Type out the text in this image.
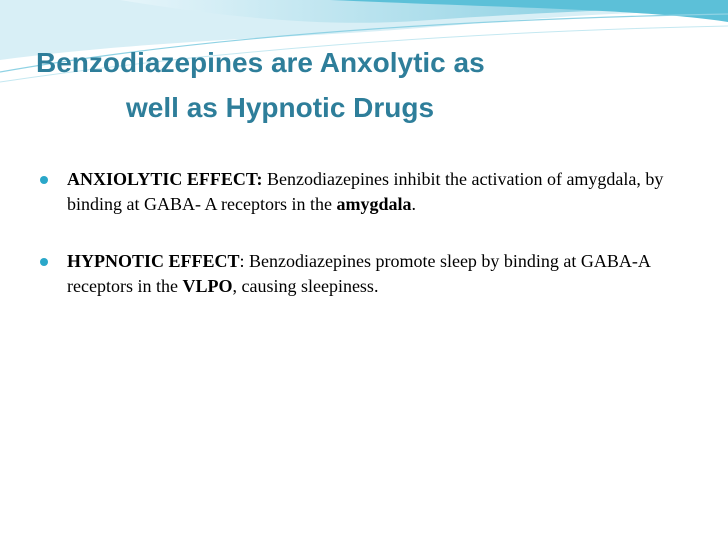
Benzodiazepines are Anxolytic as
well as Hypnotic Drugs
ANXIOLYTIC EFFECT: Benzodiazepines inhibit the activation of amygdala, by binding at GABA- A receptors in the amygdala.
HYPNOTIC EFFECT: Benzodiazepines promote sleep by binding at GABA-A receptors in the VLPO, causing sleepiness.
